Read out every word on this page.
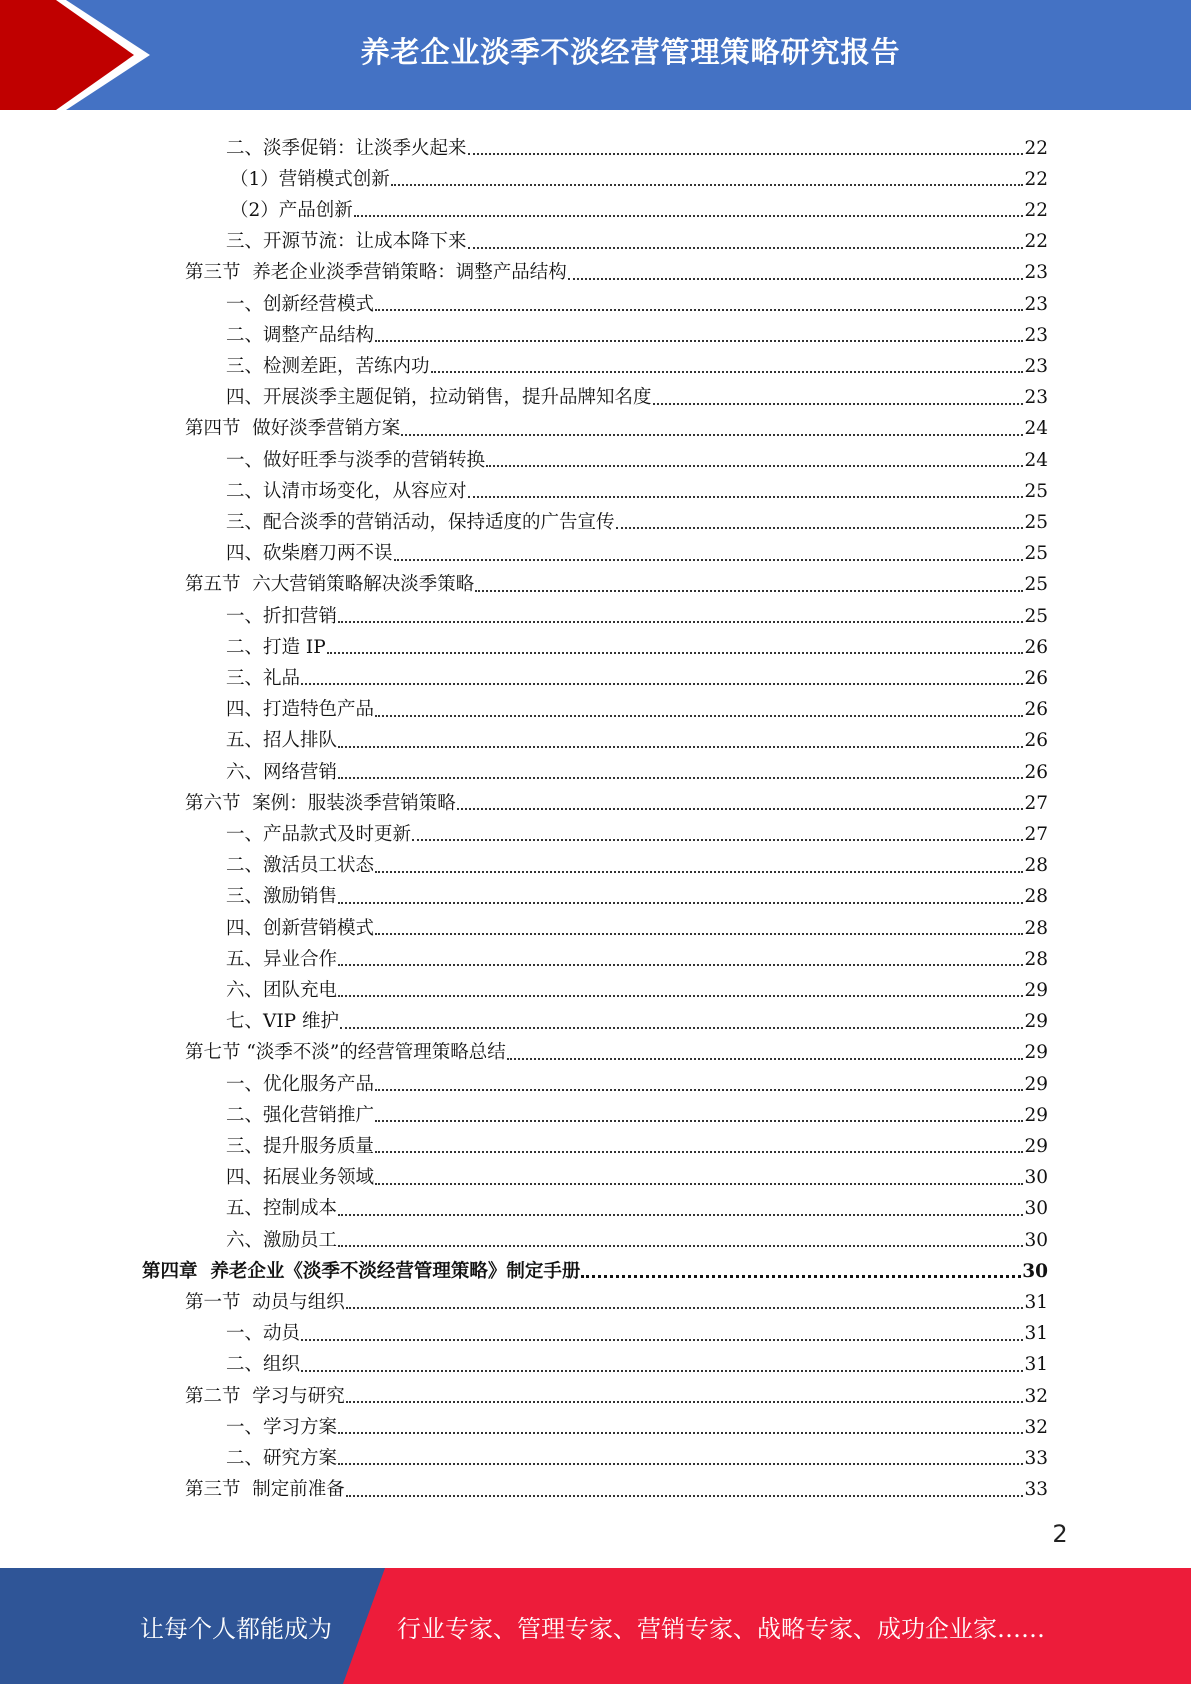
养老企业淡季不淡经营管理策略研究报告
二、淡季促销：让淡季火起来	22
（1）营销模式创新	22
（2）产品创新	22
三、开源节流：让成本降下来	22
第三节  养老企业淡季营销策略：调整产品结构	23
一、创新经营模式	23
二、调整产品结构	23
三、检测差距，苦练内功	23
四、开展淡季主题促销，拉动销售，提升品牌知名度	23
第四节  做好淡季营销方案	24
一、做好旺季与淡季的营销转换	24
二、认清市场变化，从容应对	25
三、配合淡季的营销活动，保持适度的广告宣传	25
四、砍柴磨刀两不误	25
第五节  六大营销策略解决淡季策略	25
一、折扣营销	25
二、打造 IP	26
三、礼品	26
四、打造特色产品	26
五、招人排队	26
六、网络营销	26
第六节  案例：服装淡季营销策略	27
一、产品款式及时更新	27
二、激活员工状态	28
三、激励销售	28
四、创新营销模式	28
五、异业合作	28
六、团队充电	29
七、VIP 维护	29
第七节 “淡季不淡”的经营管理策略总结	29
一、优化服务产品	29
二、强化营销推广	29
三、提升服务质量	29
四、拓展业务领域	30
五、控制成本	30
六、激励员工	30
第四章  养老企业《淡季不淡经营管理策略》制定手册	30
第一节  动员与组织	31
一、动员	31
二、组织	31
第二节  学习与研究	32
一、学习方案	32
二、研究方案	33
第三节  制定前准备	33
2
让每个人都能成为	行业专家、管理专家、营销专家、战略专家、成功企业家……
